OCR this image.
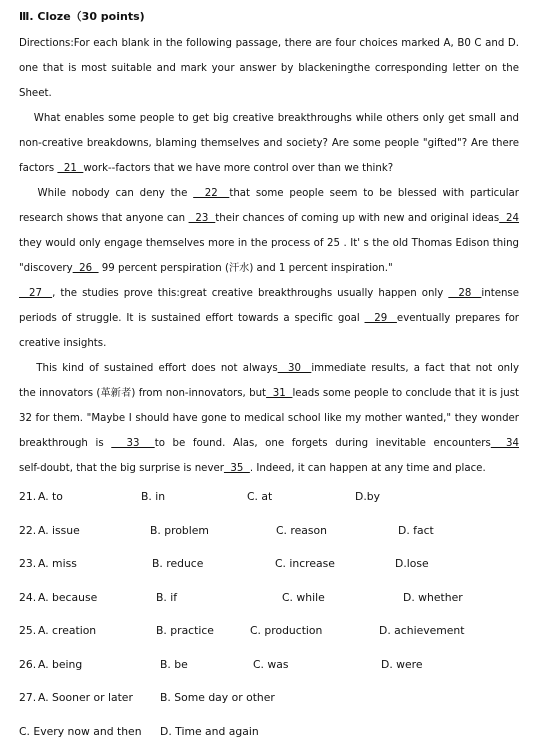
Ⅲ. Cloze（30 points)
Directions:For each blank in the following passage, there are four choices marked A, B0 C and D.
one that is most suitable and mark your answer by blackeningthe corresponding letter on the
Sheet.
　 What enables some people to get big creative breakthroughs while others only get small and
non-creative breakdowns, blaming themselves and society? Are some people "gifted"? Are there
factors   21  work--factors that we have more control over than we think?
　 While nobody can deny the   22  that some people seem to be blessed with particular
research shows that anyone can   23  their chances of coming up with new and original ideas  24
they would only engage themselves more in the process of 25 . It' s the old Thomas Edison thing
"discovery  26   99 percent perspiration (汗水) and 1 percent inspiration."
27  , the studies prove this:great creative breakthroughs usually happen only   28  intense
periods of struggle. It is sustained effort towards a specific goal   29  eventually prepares for
creative insights.
　 This kind of sustained effort does not always  30  immediate results, a fact that not only
the innovators (革新者) from non-innovators, but  31  leads some people to conclude that it is just
32 for them. "Maybe I should have gone to medical school like my mother wanted," they wonder
breakthrough is   33  to be found. Alas, one forgets during inevitable encounters  34
self-doubt, that the big surprise is never  35  . Indeed, it can happen at any time and place.
21. A. to	B. in	C. at	D.by
22. A. issue	B. problem	C. reason	D. fact
23. A. miss	B. reduce	C. increase	D.lose
24. A. because	B. if	C. while	D. whether
25. A. creation	B. practice	C. production	D. achievement
26. A. being	B. be	C. was	D. were
27. A. Sooner or later	B. Some day or other
C. Every now and then D. Time and again
